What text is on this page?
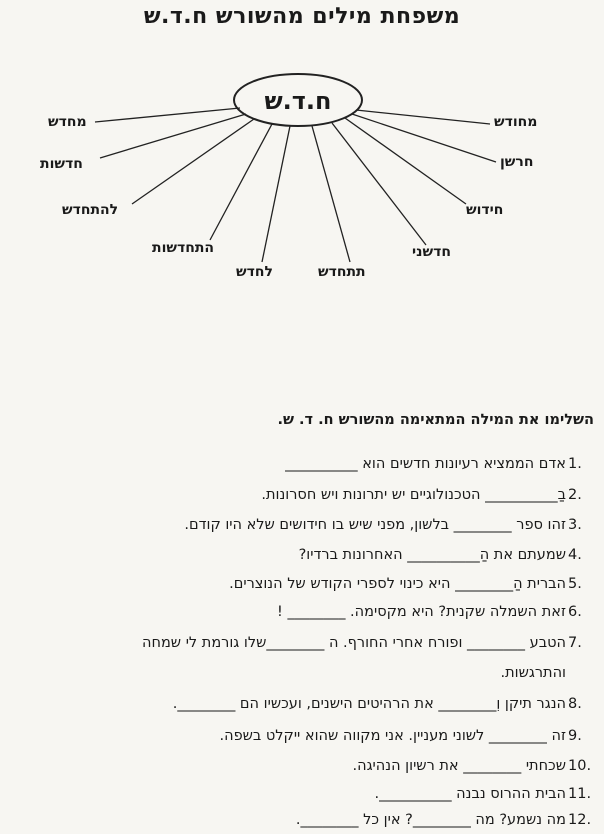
משפחת מילים מהשורש ח.ד.ש
ח.ד.ש
מחודש
חרשן
חידוש
חדשני
תתחדש
לחדש
התחדשות
להתחדש
חדשות
מחדש

השלימו את המילה המתאימה מהשורש ח. ד. ש.

1.
אדם הממציא רעיונות חדשים הוא __________
2.
בַ__________ הטכנולוגיים יש יתרונות ויש חסרונות.
3.
זהו ספר ________ בלשון, מפני שיש בו חידושים שלא היו קודם.
4.
שמעתם את הַ__________ האחרונות ברדיו?
5.
הברית הַ________ היא כינוי לספרי הקודש של הנוצרים.
6.
זאת השמלה שקנית? היא מקסימה. ________ !
7.
הטבע ________ ופורח אחרי החורף. ה ________שלו גורמת לי שמחה
והתרגשות.
8.
הנגר תיקן וְ________ את הרהיטים הישנים, ועכשיו הם ________.
9.
זה ________ לשוני מעניין. אני מקווה שהוא ייקלט בשפה.
10.
שכחתי ________ את רשיון הנהיגה.
11.
הבית ההרוס נבנה __________.
12.
מה נשמע? מה ________? אין כל ________.
